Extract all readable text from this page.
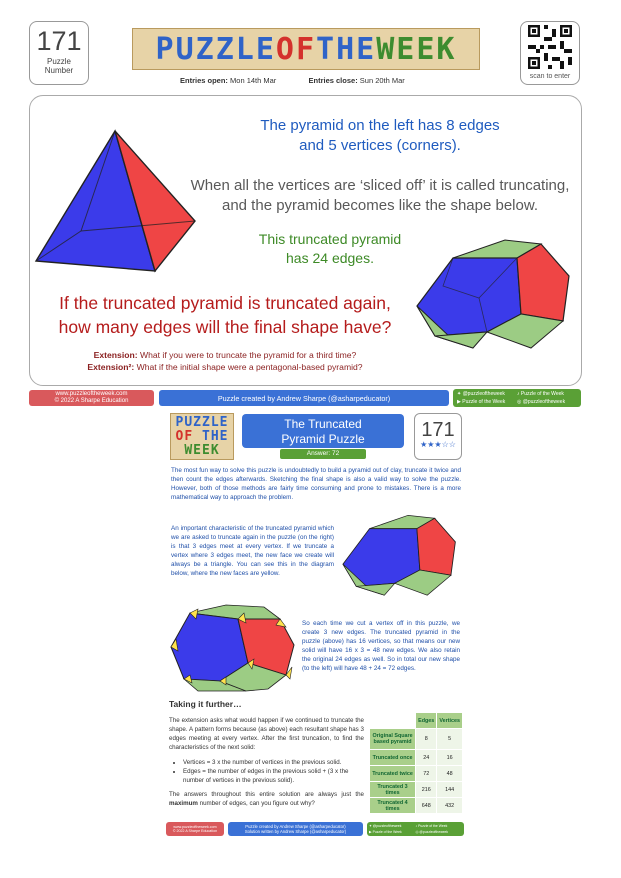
171
Puzzle
Number
PUZZLE OF THE WEEK
Entries open: Mon 14th Mar	Entries close: Sun 20th Mar	scan to enter
The pyramid on the left has 8 edges
and 5 vertices (corners).
When all the vertices are ‘sliced off’ it is called truncating,
and the pyramid becomes like the shape below.
This truncated pyramid
has 24 edges.
If the truncated pyramid is truncated again,
how many edges will the final shape have?
Extension: What if you were to truncate the pyramid for a third time?
Extension²: What if the initial shape were a pentagonal-based pyramid?
www.puzzleoftheweek.com
© 2022 A Sharpe Education	Puzzle created by Andrew Sharpe (@asharpeducator)	✦ @puzzleoftheweek	♪ Puzzle of the Week
▶ Puzzle of the Week	◎ @puzzleoftheweek
PUZZLE
OF THE
WEEK
The Truncated
Pyramid Puzzle
Answer: 72
171
★★★☆☆
The most fun way to solve this puzzle is undoubtedly to build a pyramid out of clay, truncate it twice and then count the edges afterwards. Sketching the final shape is also a valid way to solve the puzzle. However, both of those methods are fairly time consuming and prone to mistakes. There is a more mathematical way to approach the problem.
An important characteristic of the truncated pyramid which we are asked to truncate again in the puzzle (on the right) is that 3 edges meet at every vertex. If we truncate a vertex where 3 edges meet, the new face we create will always be a triangle. You can see this in the diagram below, where the new faces are yellow.
So each time we cut a vertex off in this puzzle, we create 3 new edges. The truncated pyramid in the puzzle (above) has 16 vertices, so that means our new solid will have 16 x 3 = 48 new edges. We also retain the original 24 edges as well. So in total our new shape (to the left) will have 48 + 24 = 72 edges.
Taking it further…
The extension asks what would happen if we continued to truncate the shape. A pattern forms because (as above) each resultant shape has 3 edges meeting at every vertex. After the first truncation, to find the characteristics of the next solid:
• Vertices = 3 x the number of vertices in the previous solid.
• Edges = the number of edges in the previous solid + (3 x the number of vertices in the previous solid).
The answers throughout this entire solution are always just the maximum number of edges, can you figure out why?
	Edges	Vertices
Original Square based pyramid	8	5
Truncated once	24	16
Truncated twice	72	48
Truncated 3 times	216	144
Truncated 4 times	648	432
www.puzzleoftheweek.com
© 2022 A Sharpe Education
Puzzle created by Andrew Sharpe (@asharpeducator)
Solution written by Andrew Sharpe (@asharpeducator)
✦ @puzzleoftheweek	♪ Puzzle of the Week
▶ Puzzle of the Week	◎ @puzzleoftheweek
